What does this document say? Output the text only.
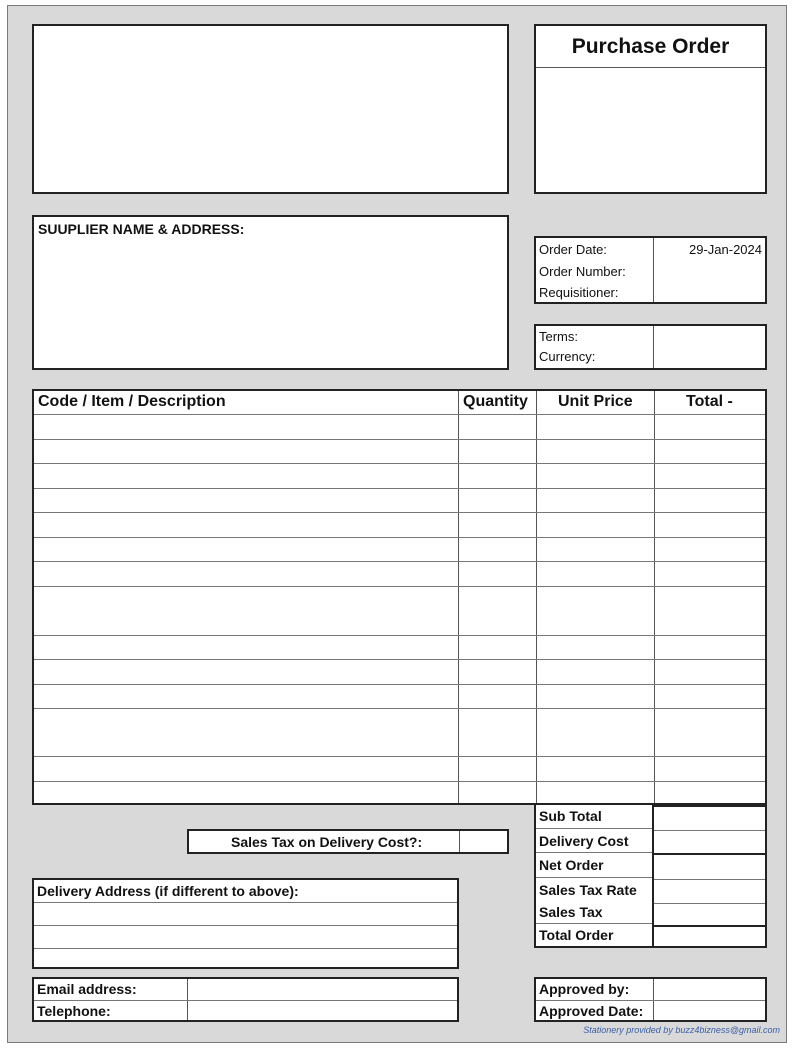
Purchase Order
SUUPLIER NAME & ADDRESS:
Order Date:	29-Jan-2024
Order Number:
Requisitioner:
Terms:
Currency:
Code / Item / Description	Quantity Unit Price	Total -
Sales Tax on Delivery Cost?:
Sub Total
Delivery Cost
Net Order
Sales Tax Rate
Sales Tax
Total Order
Delivery Address (if different to above):
Email address:
Telephone:
Approved by:
Approved Date:
Stationery provided by buzz4bizness@gmail.com
